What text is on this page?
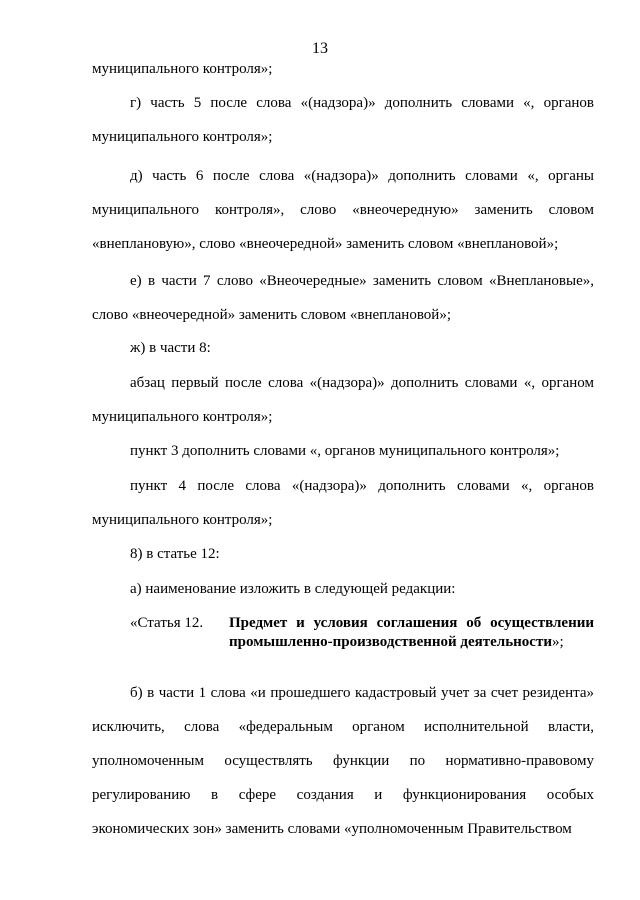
13
муниципального контроля»;
г) часть 5 после слова «(надзора)» дополнить словами «, органов муниципального контроля»;
д) часть 6 после слова «(надзора)» дополнить словами «, органы муниципального контроля», слово «внеочередную» заменить словом «внеплановую», слово «внеочередной» заменить словом «внеплановой»;
е) в части 7 слово «Внеочередные» заменить словом «Внеплановые», слово «внеочередной» заменить словом «внеплановой»;
ж) в части 8:
абзац первый после слова «(надзора)» дополнить словами «, органом муниципального контроля»;
пункт 3 дополнить словами «, органов муниципального контроля»;
пункт 4 после слова «(надзора)» дополнить словами «, органов муниципального контроля»;
8) в статье 12:
а) наименование изложить в следующей редакции:
«Статья 12. Предмет и условия соглашения об осуществлении промышленно-производственной деятельности»;
б) в части 1 слова «и прошедшего кадастровый учет за счет резидента» исключить, слова «федеральным органом исполнительной власти, уполномоченным осуществлять функции по нормативно-правовому регулированию в сфере создания и функционирования особых экономических зон» заменить словами «уполномоченным Правительством
